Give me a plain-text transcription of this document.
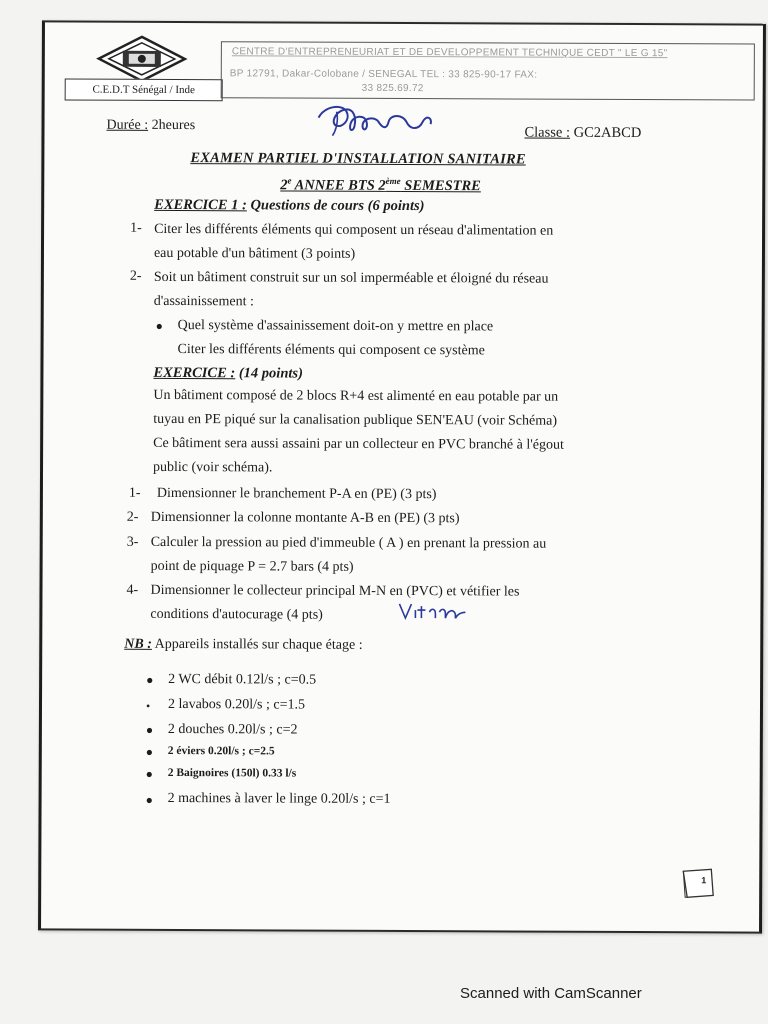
C.E.D.T Sénégal / Inde
CENTRE D'ENTREPRENEURIAT ET DE DEVELOPPEMENT TECHNIQUE CEDT " LE G 15"
BP 12791, Dakar-Colobane / SENEGAL TEL : 33 825-90-17 FAX:
33 825.69.72
Durée : 2heures	Classe : GC2ABCD
EXAMEN PARTIEL D'INSTALLATION SANITAIRE
2e ANNEE BTS 2ème SEMESTRE
EXERCICE 1 : Questions de cours (6 points)
1- Citer les différents éléments qui composent un réseau d'alimentation en
eau potable d'un bâtiment (3 points)
2- Soit un bâtiment construit sur un sol imperméable et éloigné du réseau
d'assainissement :
● Quel système d'assainissement doit-on y mettre en place
Citer les différents éléments qui composent ce système
EXERCICE : (14 points)
Un bâtiment composé de 2 blocs R+4 est alimenté en eau potable par un
tuyau en PE piqué sur la canalisation publique SEN'EAU (voir Schéma)
Ce bâtiment sera aussi assaini par un collecteur en PVC branché à l'égout
public (voir schéma).
1- Dimensionner le branchement P-A en (PE) (3 pts)
2- Dimensionner la colonne montante A-B en (PE) (3 pts)
3- Calculer la pression au pied d'immeuble ( A ) en prenant la pression au
point de piquage P = 2.7 bars (4 pts)
4- Dimensionner le collecteur principal M-N en (PVC) et vétifier les
conditions d'autocurage (4 pts)
NB : Appareils installés sur chaque étage :
● 2 WC débit 0.12l/s ; c=0.5
• 2 lavabos 0.20l/s ; c=1.5
● 2 douches 0.20l/s ; c=2
● 2 éviers 0.20l/s ; c=2.5
● 2 Baignoires (150l) 0.33 l/s
● 2 machines à laver le linge 0.20l/s ; c=1
1
Scanned with CamScanner
